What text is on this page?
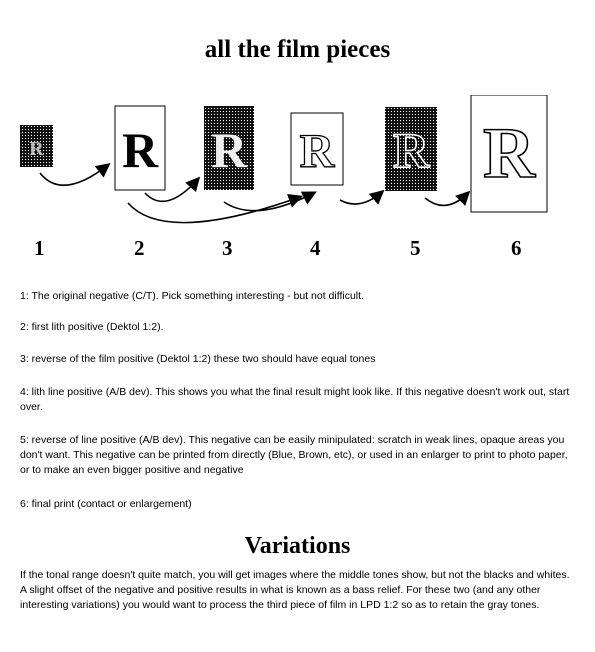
all the film pieces
R R R R R R
1	2	3	4	5	6

1: The original negative (C/T). Pick something interesting - but not difficult.

2: first lith positive (Dektol 1:2).

3: reverse of the film positive (Dektol 1:2) these two should have equal tones

4: lith line positive (A/B dev). This shows you what the final result might look like. If this negative doesn't work out, start over.

5: reverse of line positive (A/B dev). This negative can be easily minipulated: scratch in weak lines, opaque areas you don't want. This negative can be printed from directly (Blue, Brown, etc), or used in an enlarger to print to photo paper, or to make an even bigger positive and negative

6: final print (contact or enlargement)

Variations

If the tonal range doesn't quite match, you will get images where the middle tones show, but not the blacks and whites. A slight offset of the negative and positive results in what is known as a bass relief. For these two (and any other interesting variations) you would want to process the third piece of film in LPD 1:2 so as to retain the gray tones.
